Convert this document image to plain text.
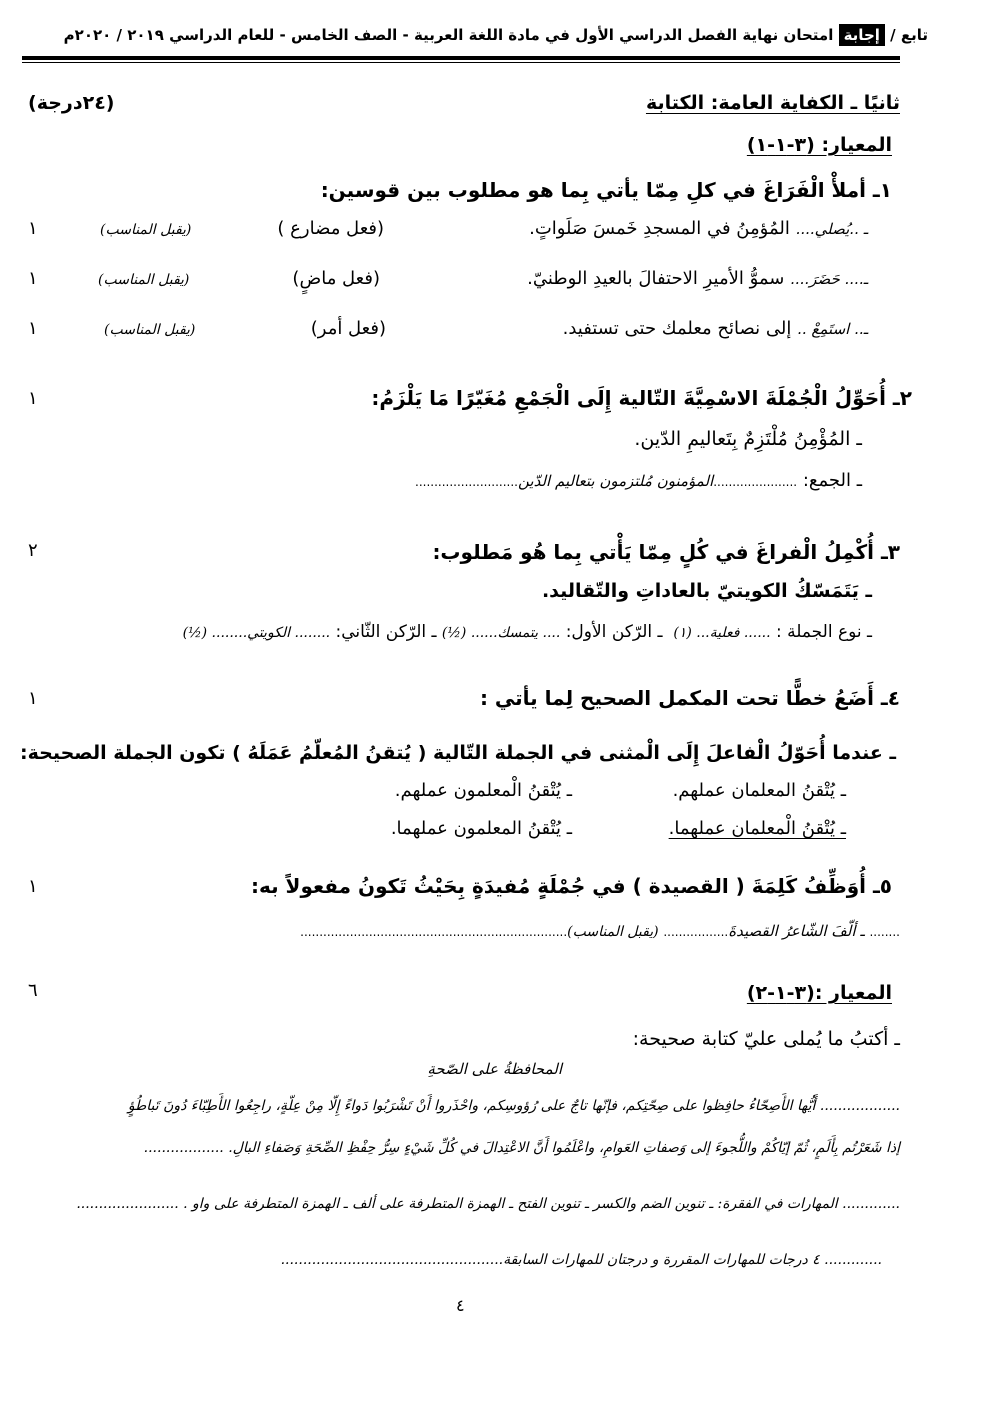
تابع / إجابة امتحان نهاية الفصل الدراسي الأول في مادة اللغة العربية - الصف الخامس - للعام الدراسي ٢٠١٩ / ٢٠٢٠م
ثانيًا ـ الكفاية العامة: الكتابة
(٢٤درجة)
المعيار: (٣-١-١)
١ـ أملأْ الْفَرَاغَ في كلِ مِمّا يأتي بِما هو مطلوب بين قوسين:
ـ ..يُصلي.... المُؤمِنُ في المسجدِ خَمسَ صَلَواتٍ.
(فعل مضارع )
(يقبل المناسب)
١
ـ.... حَضَرَ.... سموُّ الأميرِ الاحتفالَ بالعيدِ الوطنيّ.
(فعل ماضٍ)
(يقبل المناسب)
١
ـ.. استَمِعْ .. إلى نصائح معلمك حتى تستفيد.
(فعل أمر)
(يقبل المناسب)
١
٢ـ أُحَوِّلُ الْجُمْلَةَ الاسْمِيَّةَ التّالية إِلَى الْجَمْعِ مُغَيّرًا مَا يَلْزَمُ:
١
ـ المُؤْمِنُ مُلْتَزِمٌ بِتَعاليمِ الدّين.
ـ الجمع: ......................المؤمنون مُلتزمون بتعاليم الدّين...........................
٣ـ أُكْمِلُ الْفراغَ في كُلٍ مِمّا يَأْتي بِما هُو مَطلوب:
٢
ـ يَتَمَسّكُ الكويتيّ بالعاداتِ والتّقاليد.
ـ نوع الجملة : ...... فعلية... (١)  ـ الرّكن الأول: .... يتمسك...... (½) ـ الرّكن الثّاني: ........ الكويتي........ (½)
٤ـ أَضَعُ خطًّا تحت المكمل الصحيح لِما يأتي :
١
ـ عندما أُحَوّلُ الْفاعلَ إِلَى الْمثنى في الجملة التّالية ( يُتقنُ المُعلّمُ عَمَلَهُ ) تكون الجملة الصحيحة:
ـ يُتْقنُ المعلمان عملهم.
ـ يُتْقنُ الْمعلمون عملهم.
ـ يُتْقنُ الْمعلمان عملهما.
ـ يُتْقنُ المعلمون عملهما.
٥ـ أُوَظِّفُ كَلِمَةَ ( القصيدة ) في جُمْلَةٍ مُفيدَةٍ بِحَيْثُ تَكونُ مفعولاً به:
١
........ ـ ألّفَ الشّاعرُ القصيدةَ................. (يقبل المناسب)......................................................................
المعيار :(٣-١-٢)
٦
ـ أكتبُ ما يُملى عليّ كتابة صحيحة:
المحافظةُ على الصّحةِ
.................. أَيُّها الأَصِحّاءُ حافِظوا على صِحّتِكم، فإنّها تاجٌ على رُؤوسِكم، واحْذَروا أَنْ تَشْرَبُوا دَواءً إِلّا مِنْ عِلّةٍ، راجِعُوا الأَطِبّاءَ دُونَ تَباطُؤٍ
إذا شَعَرْتُم بِأَلَمٍ، ثُمّ إيّاكُمْ واللُّجوءَ إلى وَصفاتِ العَوامِ، واعْلَمُوا أَنَّ الاعْتِدالَ في كُلِّ شَيْءٍ سِرُّ حِفْظِ الصِّحَةِ وَصَفاءِ البالِ. ..................
............. المهارات في الفقرة: ـ تنوين الضم والكسر ـ تنوين الفتح ـ الهمزة المتطرفة على ألف ـ الهمزة المتطرفة على واو . .......................
............. ٤ درجات للمهارات المقررة و درجتان للمهارات السابقة..................................................
٤
